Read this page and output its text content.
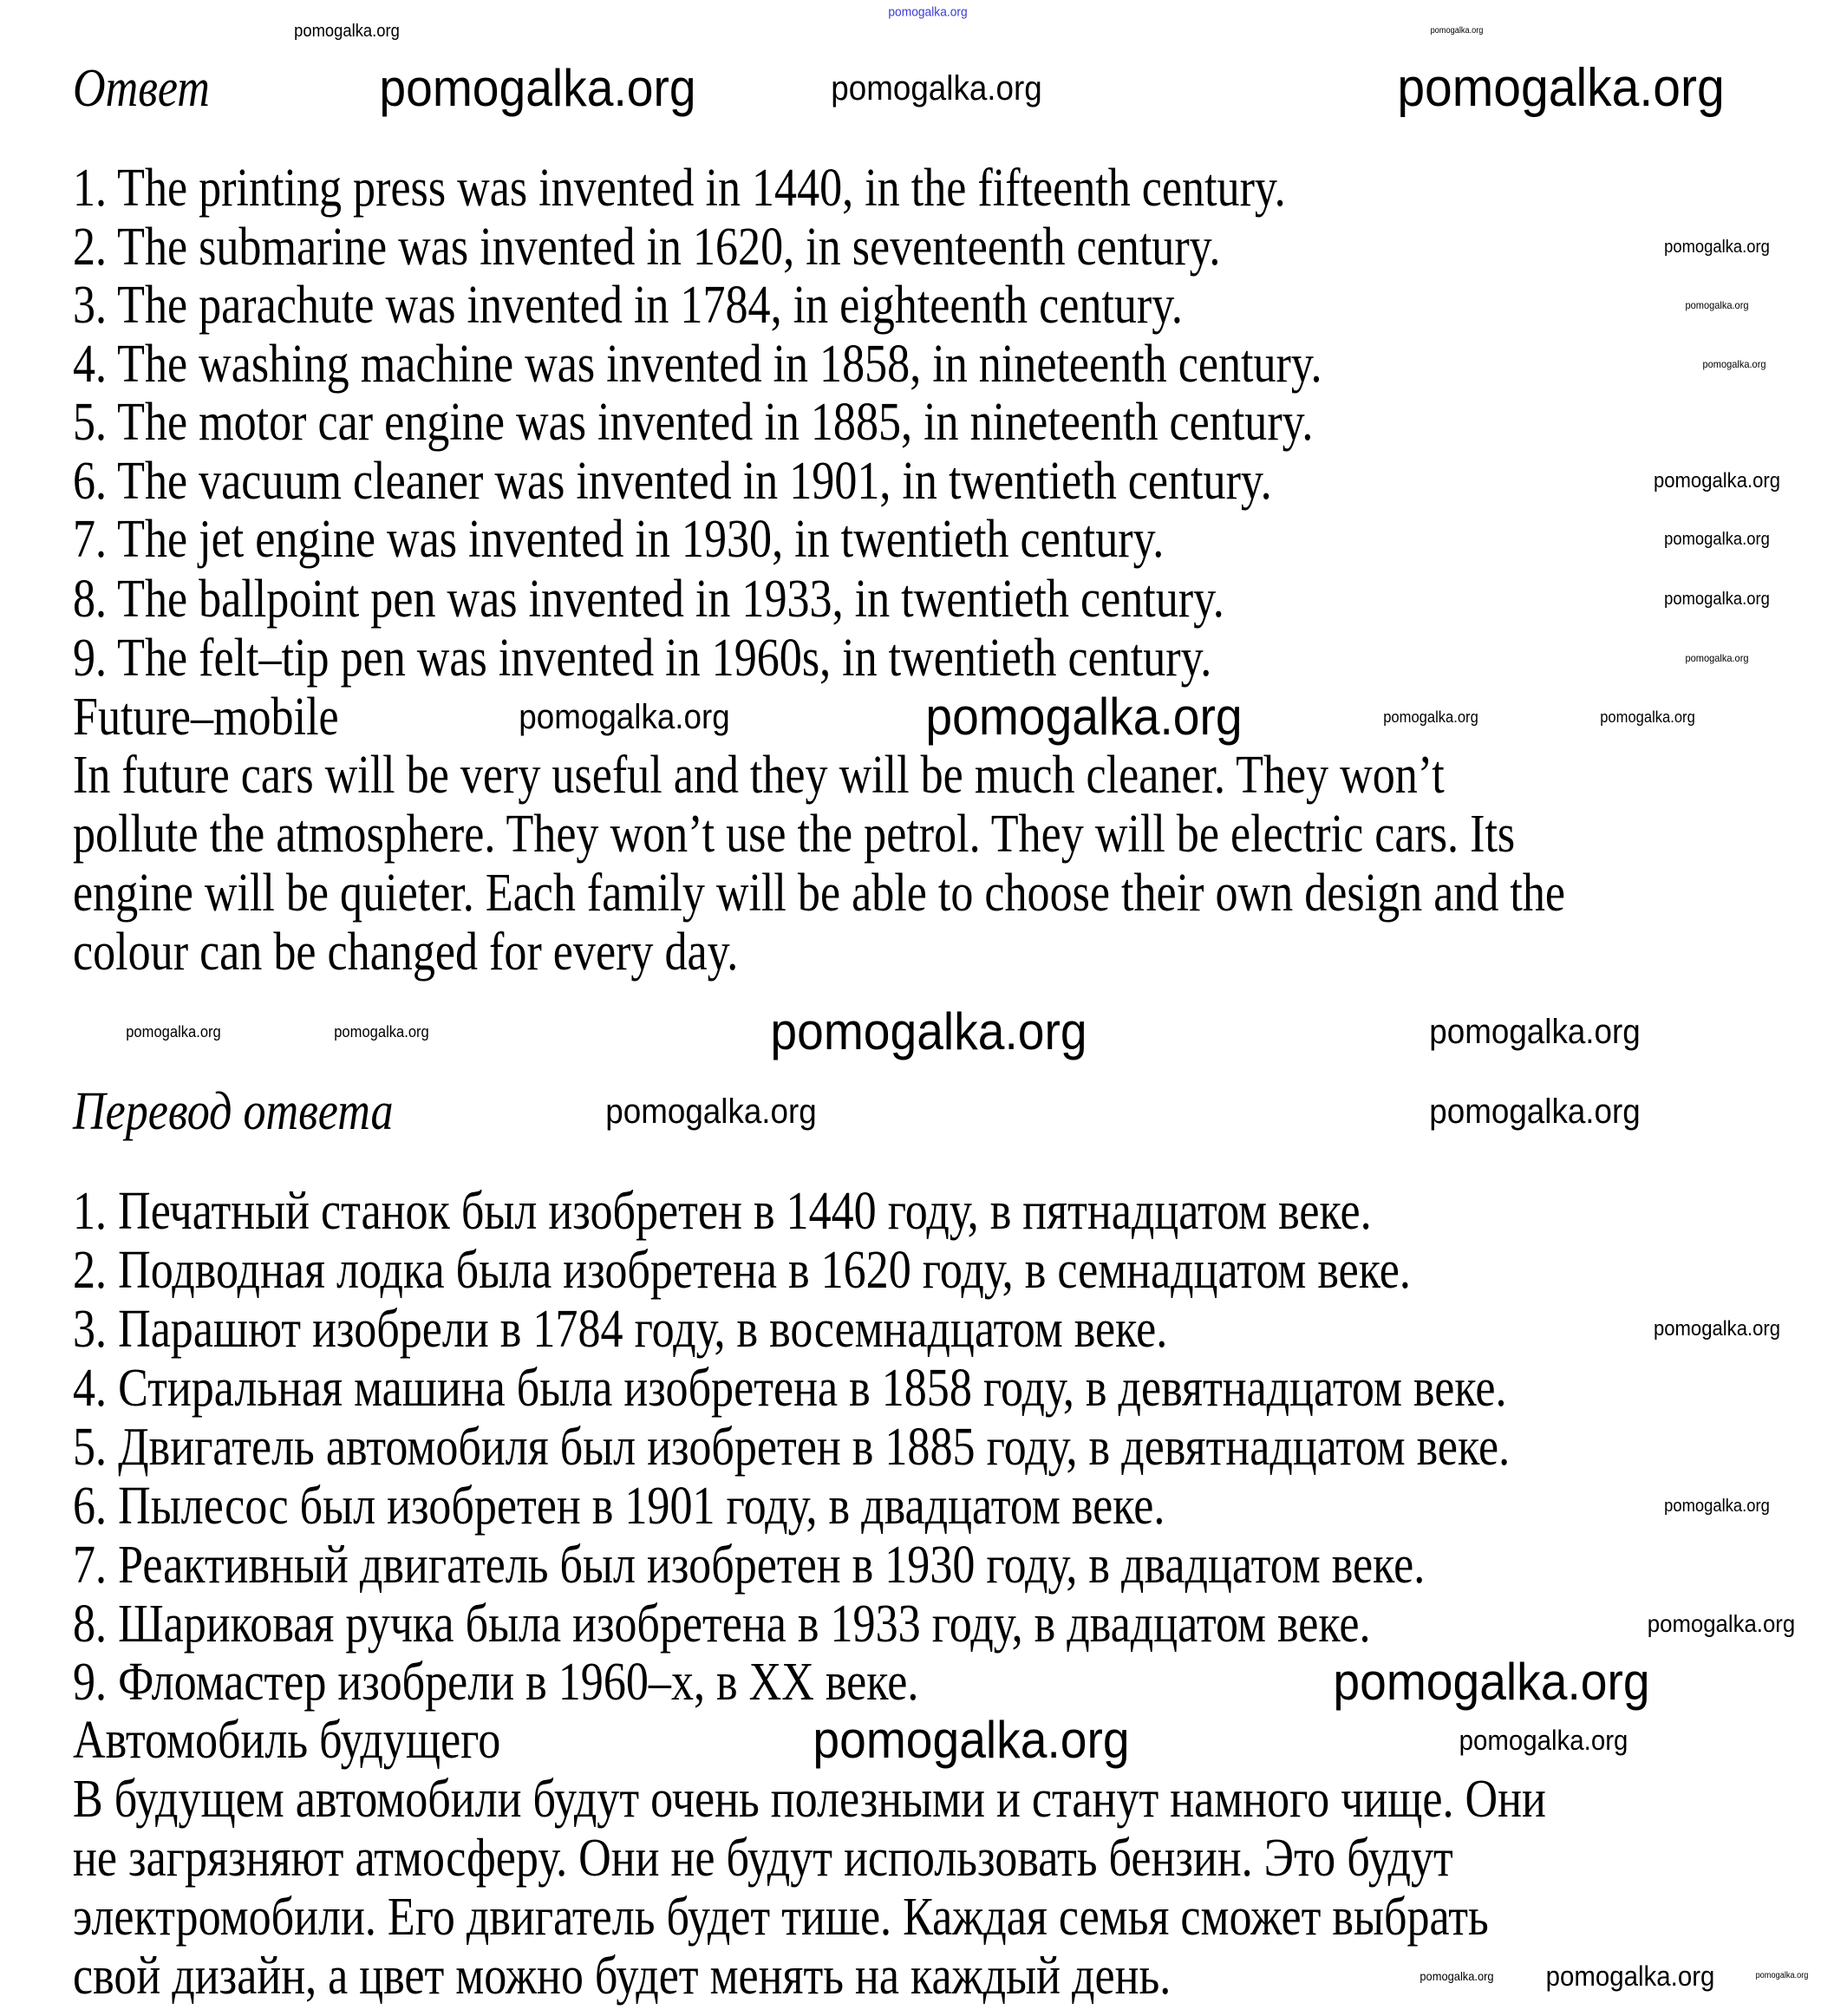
Ответ
1. The printing press was invented in 1440, in the fifteenth century.
2. The submarine was invented in 1620, in seventeenth century.
3. The parachute was invented in 1784, in eighteenth century.
4. The washing machine was invented in 1858, in nineteenth century.
5. The motor car engine was invented in 1885, in nineteenth century.
6. The vacuum cleaner was invented in 1901, in twentieth century.
7. The jet engine was invented in 1930, in twentieth century.
8. The ballpoint pen was invented in 1933, in twentieth century.
9. The felt–tip pen was invented in 1960s, in twentieth century.
Future–mobile
In future cars will be very useful and they will be much cleaner. They won’t
pollute the atmosphere. They won’t use the petrol. They will be electric cars. Its
engine will be quieter. Each family will be able to choose their own design and the
colour can be changed for every day.
Перевод ответа
1. Печатный станок был изобретен в 1440 году, в пятнадцатом веке.
2. Подводная лодка была изобретена в 1620 году, в семнадцатом веке.
3. Парашют изобрели в 1784 году, в восемнадцатом веке.
4. Стиральная машина была изобретена в 1858 году, в девятнадцатом веке.
5. Двигатель автомобиля был изобретен в 1885 году, в девятнадцатом веке.
6. Пылесос был изобретен в 1901 году, в двадцатом веке.
7. Реактивный двигатель был изобретен в 1930 году, в двадцатом веке.
8. Шариковая ручка была изобретена в 1933 году, в двадцатом веке.
9. Фломастер изобрели в 1960–х, в XX веке.
Автомобиль будущего
В будущем автомобили будут очень полезными и станут намного чище. Они
не загрязняют атмосферу. Они не будут использовать бензин. Это будут
электромобили. Его двигатель будет тише. Каждая семья сможет выбрать
свой дизайн, а цвет можно будет менять на каждый день.
pomogalka.org
pomogalka.org
pomogalka.org	pomogalka.org	pomogalka.org
pomogalka.org
pomogalka.org
pomogalka.org
pomogalka.org
pomogalka.org
pomogalka.org
pomogalka.org
pomogalka.org	pomogalka.org	pomogalka.org	pomogalka.org
pomogalka.org	pomogalka.org	pomogalka.org	pomogalka.org
pomogalka.org	pomogalka.org
pomogalka.org
pomogalka.org
pomogalka.org
pomogalka.org
pomogalka.org	pomogalka.org
pomogalka.org pomogalka.org	pomogalka.org
pomogalka.org
